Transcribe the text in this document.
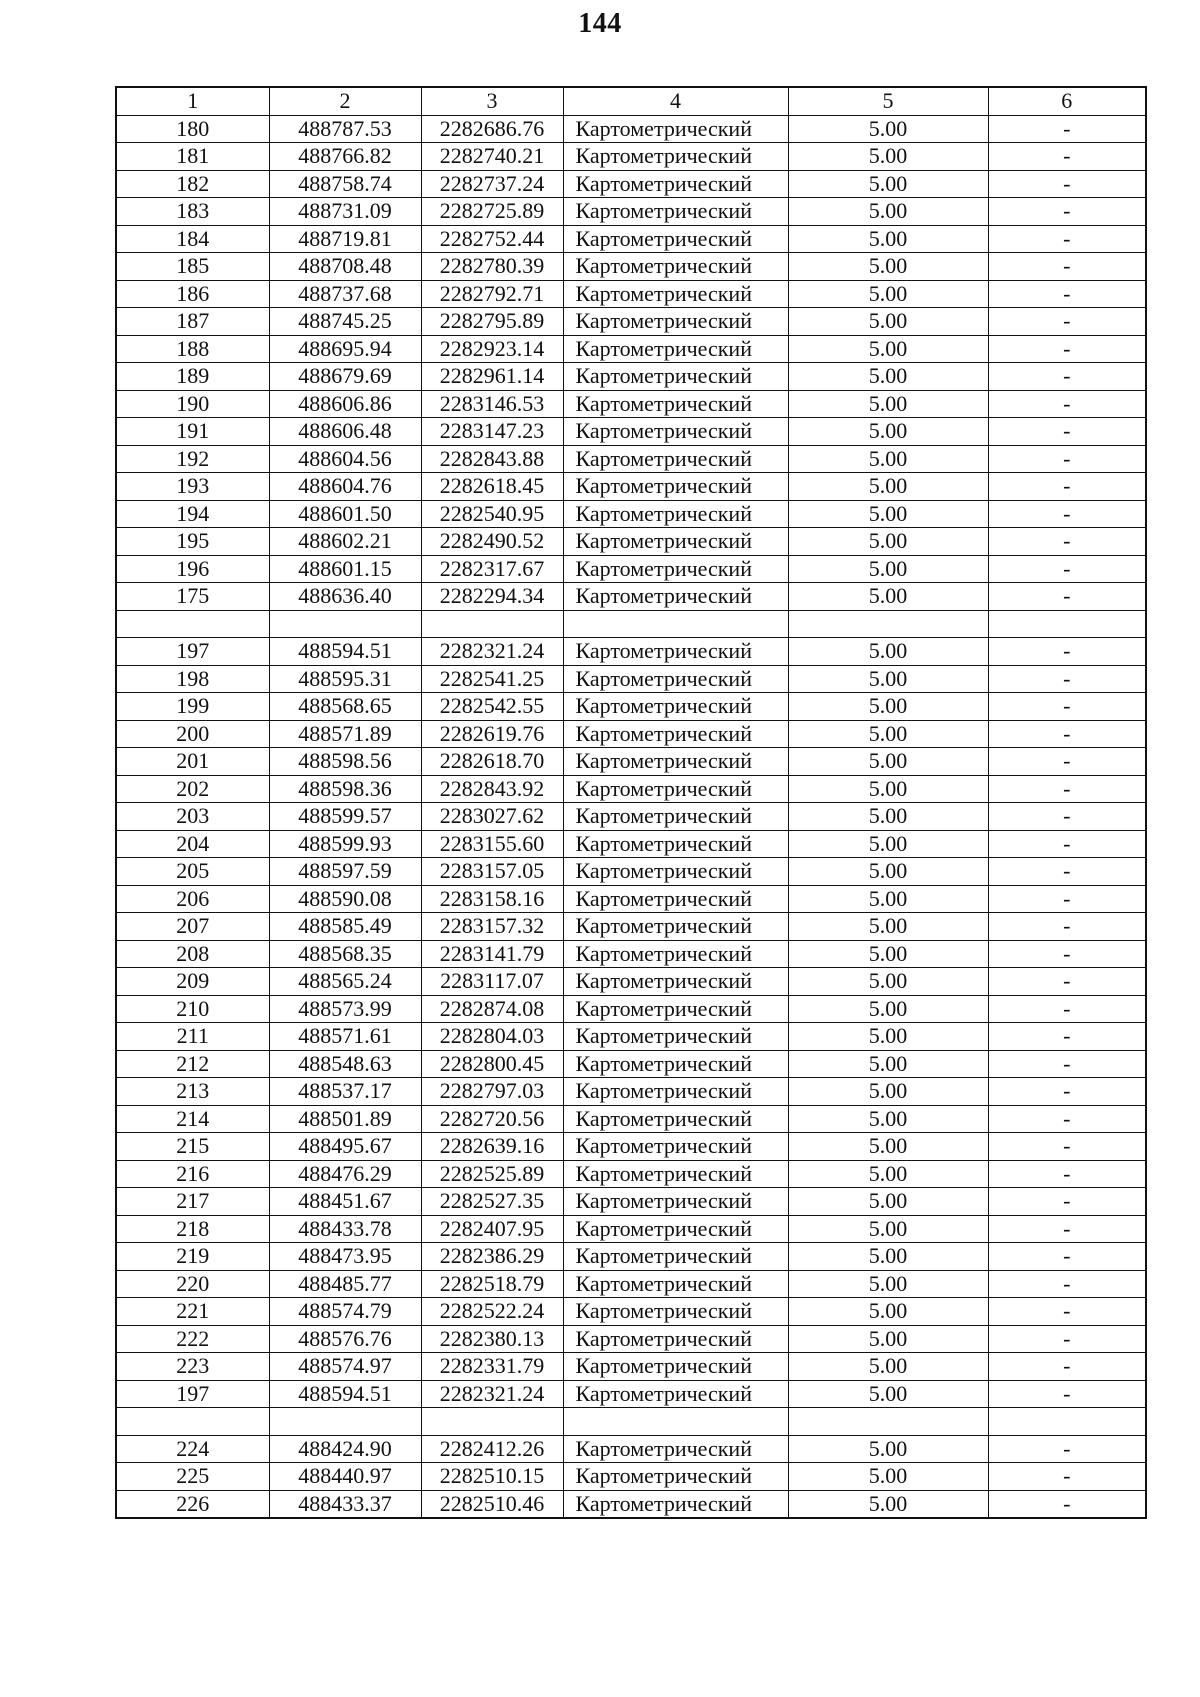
144
1	2	3	4	5	6
180	488787.53	2282686.76	Картометрический	5.00	-
181	488766.82	2282740.21	Картометрический	5.00	-
182	488758.74	2282737.24	Картометрический	5.00	-
183	488731.09	2282725.89	Картометрический	5.00	-
184	488719.81	2282752.44	Картометрический	5.00	-
185	488708.48	2282780.39	Картометрический	5.00	-
186	488737.68	2282792.71	Картометрический	5.00	-
187	488745.25	2282795.89	Картометрический	5.00	-
188	488695.94	2282923.14	Картометрический	5.00	-
189	488679.69	2282961.14	Картометрический	5.00	-
190	488606.86	2283146.53	Картометрический	5.00	-
191	488606.48	2283147.23	Картометрический	5.00	-
192	488604.56	2282843.88	Картометрический	5.00	-
193	488604.76	2282618.45	Картометрический	5.00	-
194	488601.50	2282540.95	Картометрический	5.00	-
195	488602.21	2282490.52	Картометрический	5.00	-
196	488601.15	2282317.67	Картометрический	5.00	-
175	488636.40	2282294.34	Картометрический	5.00	-

197	488594.51	2282321.24	Картометрический	5.00	-
198	488595.31	2282541.25	Картометрический	5.00	-
199	488568.65	2282542.55	Картометрический	5.00	-
200	488571.89	2282619.76	Картометрический	5.00	-
201	488598.56	2282618.70	Картометрический	5.00	-
202	488598.36	2282843.92	Картометрический	5.00	-
203	488599.57	2283027.62	Картометрический	5.00	-
204	488599.93	2283155.60	Картометрический	5.00	-
205	488597.59	2283157.05	Картометрический	5.00	-
206	488590.08	2283158.16	Картометрический	5.00	-
207	488585.49	2283157.32	Картометрический	5.00	-
208	488568.35	2283141.79	Картометрический	5.00	-
209	488565.24	2283117.07	Картометрический	5.00	-
210	488573.99	2282874.08	Картометрический	5.00	-
211	488571.61	2282804.03	Картометрический	5.00	-
212	488548.63	2282800.45	Картометрический	5.00	-
213	488537.17	2282797.03	Картометрический	5.00	-
214	488501.89	2282720.56	Картометрический	5.00	-
215	488495.67	2282639.16	Картометрический	5.00	-
216	488476.29	2282525.89	Картометрический	5.00	-
217	488451.67	2282527.35	Картометрический	5.00	-
218	488433.78	2282407.95	Картометрический	5.00	-
219	488473.95	2282386.29	Картометрический	5.00	-
220	488485.77	2282518.79	Картометрический	5.00	-
221	488574.79	2282522.24	Картометрический	5.00	-
222	488576.76	2282380.13	Картометрический	5.00	-
223	488574.97	2282331.79	Картометрический	5.00	-
197	488594.51	2282321.24	Картометрический	5.00	-

224	488424.90	2282412.26	Картометрический	5.00	-
225	488440.97	2282510.15	Картометрический	5.00	-
226	488433.37	2282510.46	Картометрический	5.00	-
